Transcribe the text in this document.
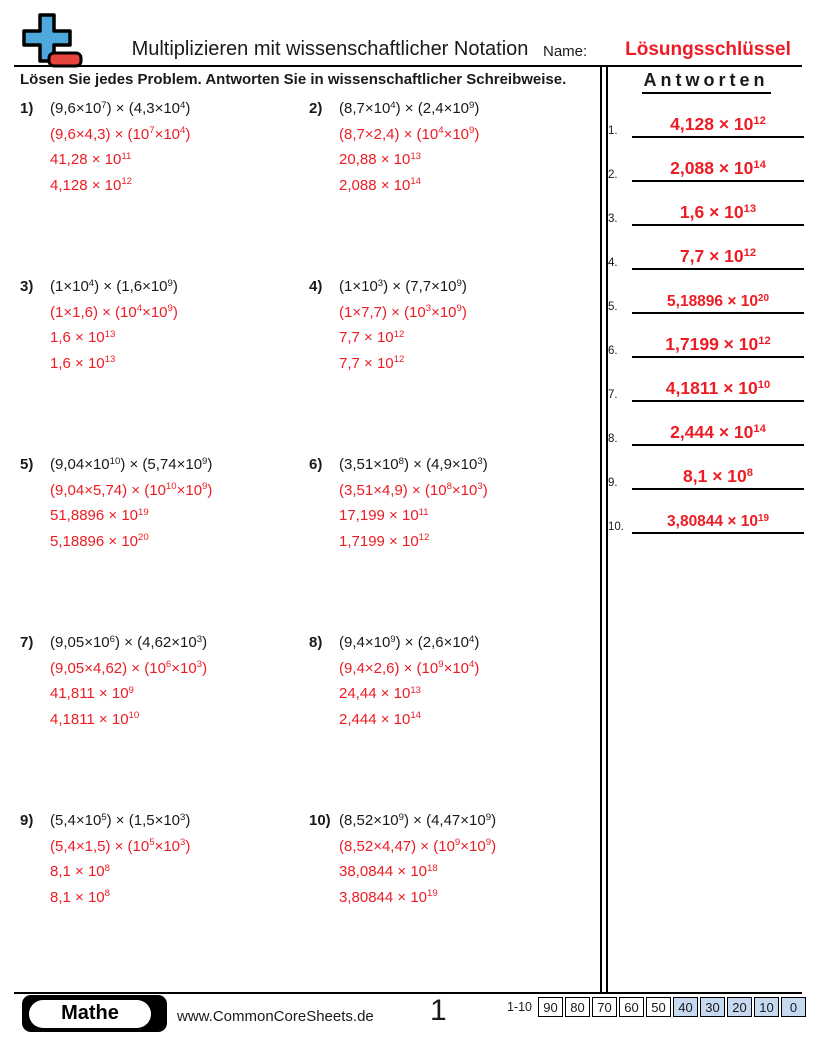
Multiplizieren mit wissenschaftlicher Notation Name:	Lösungsschlüssel
Lösen Sie jedes Problem. Antworten Sie in wissenschaftlicher Schreibweise.
1)	$(9,6\times 10^7) \times (4,3\times 10^4)$
$(9,6\times 4,3) \times (10^7\times 10^4)$
$41,28 \times 10^{11}$
$4,128 \times 10^{12}$
2)	$(8,7\times 10^4) \times (2,4\times 10^9)$
$(8,7\times 2,4) \times (10^4\times 10^9)$
$20,88 \times 10^{13}$
$2,088 \times 10^{14}$
3)	$(1\times 10^4) \times (1,6\times 10^9)$
$(1\times 1,6) \times (10^4\times 10^9)$
$1,6 \times 10^{13}$
$1,6 \times 10^{13}$
4)	$(1\times 10^3) \times (7,7\times 10^9)$
$(1\times 7,7) \times (10^3\times 10^9)$
$7,7 \times 10^{12}$
$7,7 \times 10^{12}$
5)	$(9,04\times 10^{10}) \times (5,74\times 10^9)$
$(9,04\times 5,74) \times (10^{10}\times 10^9)$
$51,8896 \times 10^{19}$
$5,18896 \times 10^{20}$
6)	$(3,51\times 10^8) \times (4,9\times 10^3)$
$(3,51\times 4,9) \times (10^8\times 10^3)$
$17,199 \times 10^{11}$
$1,7199 \times 10^{12}$
7)	$(9,05\times 10^6) \times (4,62\times 10^3)$
$(9,05\times 4,62) \times (10^6\times 10^3)$
$41,811 \times 10^9$
$4,1811 \times 10^{10}$
8)	$(9,4\times 10^9) \times (2,6\times 10^4)$
$(9,4\times 2,6) \times (10^9\times 10^4)$
$24,44 \times 10^{13}$
$2,444 \times 10^{14}$
9)	$(5,4\times 10^5) \times (1,5\times 10^3)$
$(5,4\times 1,5) \times (10^5\times 10^3)$
$8,1 \times 10^8$
$8,1 \times 10^8$
10) $(8,52\times 10^9) \times (4,47\times 10^9)$
$(8,52\times 4,47) \times (10^9\times 10^9)$
$38,0844 \times 10^{18}$
$3,80844 \times 10^{19}$
Antworten
1.	$4,128 \times 10^{12}$
2.	$2,088 \times 10^{14}$
3.	$1,6 \times 10^{13}$
4.	$7,7 \times 10^{12}$
5.	$5,18896 \times 10^{20}$
6.	$1,7199 \times 10^{12}$
7.	$4,1811 \times 10^{10}$
8.	$2,444 \times 10^{14}$
9.	$8,1 \times 10^8$
10.	$3,80844 \times 10^{19}$
Mathe	www.CommonCoreSheets.de 1	1-10 90 80 70 60 50 40 30 20 10	0
